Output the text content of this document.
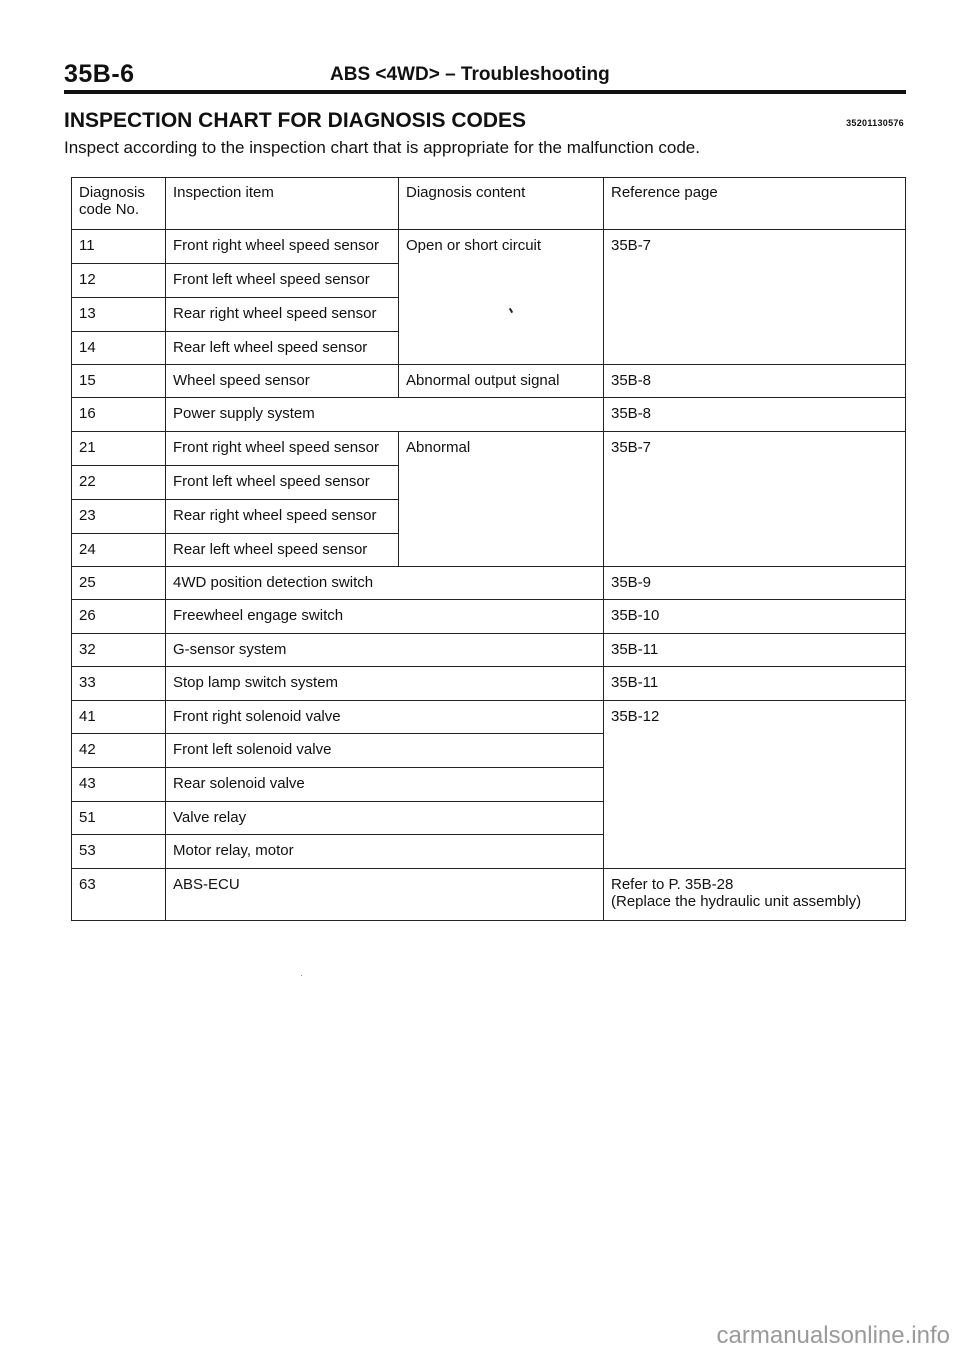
35B-6	ABS <4WD> – Troubleshooting
INSPECTION CHART FOR DIAGNOSIS CODES	35201130576
Inspect according to the inspection chart that is appropriate for the malfunction code.
Diagnosis code No.	Inspection item	Diagnosis content	Reference page
11	Front right wheel speed sensor	Open or short circuit	35B-7
12	Front left wheel speed sensor		
13	Rear right wheel speed sensor		
14	Rear left wheel speed sensor		
15	Wheel speed sensor	Abnormal output signal	35B-8
16	Power supply system		35B-8
21	Front right wheel speed sensor	Abnormal	35B-7
22	Front left wheel speed sensor		
23	Rear right wheel speed sensor		
24	Rear left wheel speed sensor		
25	4WD position detection switch		35B-9
26	Freewheel engage switch		35B-10
32	G-sensor system		35B-11
33	Stop lamp switch system		35B-11
41	Front right solenoid valve		35B-12
42	Front left solenoid valve		
43	Rear solenoid valve		
51	Valve relay		
53	Motor relay, motor		
63	ABS-ECU		Refer to P. 35B-28
(Replace the hydraulic unit assembly)
carmanualsonline.info
